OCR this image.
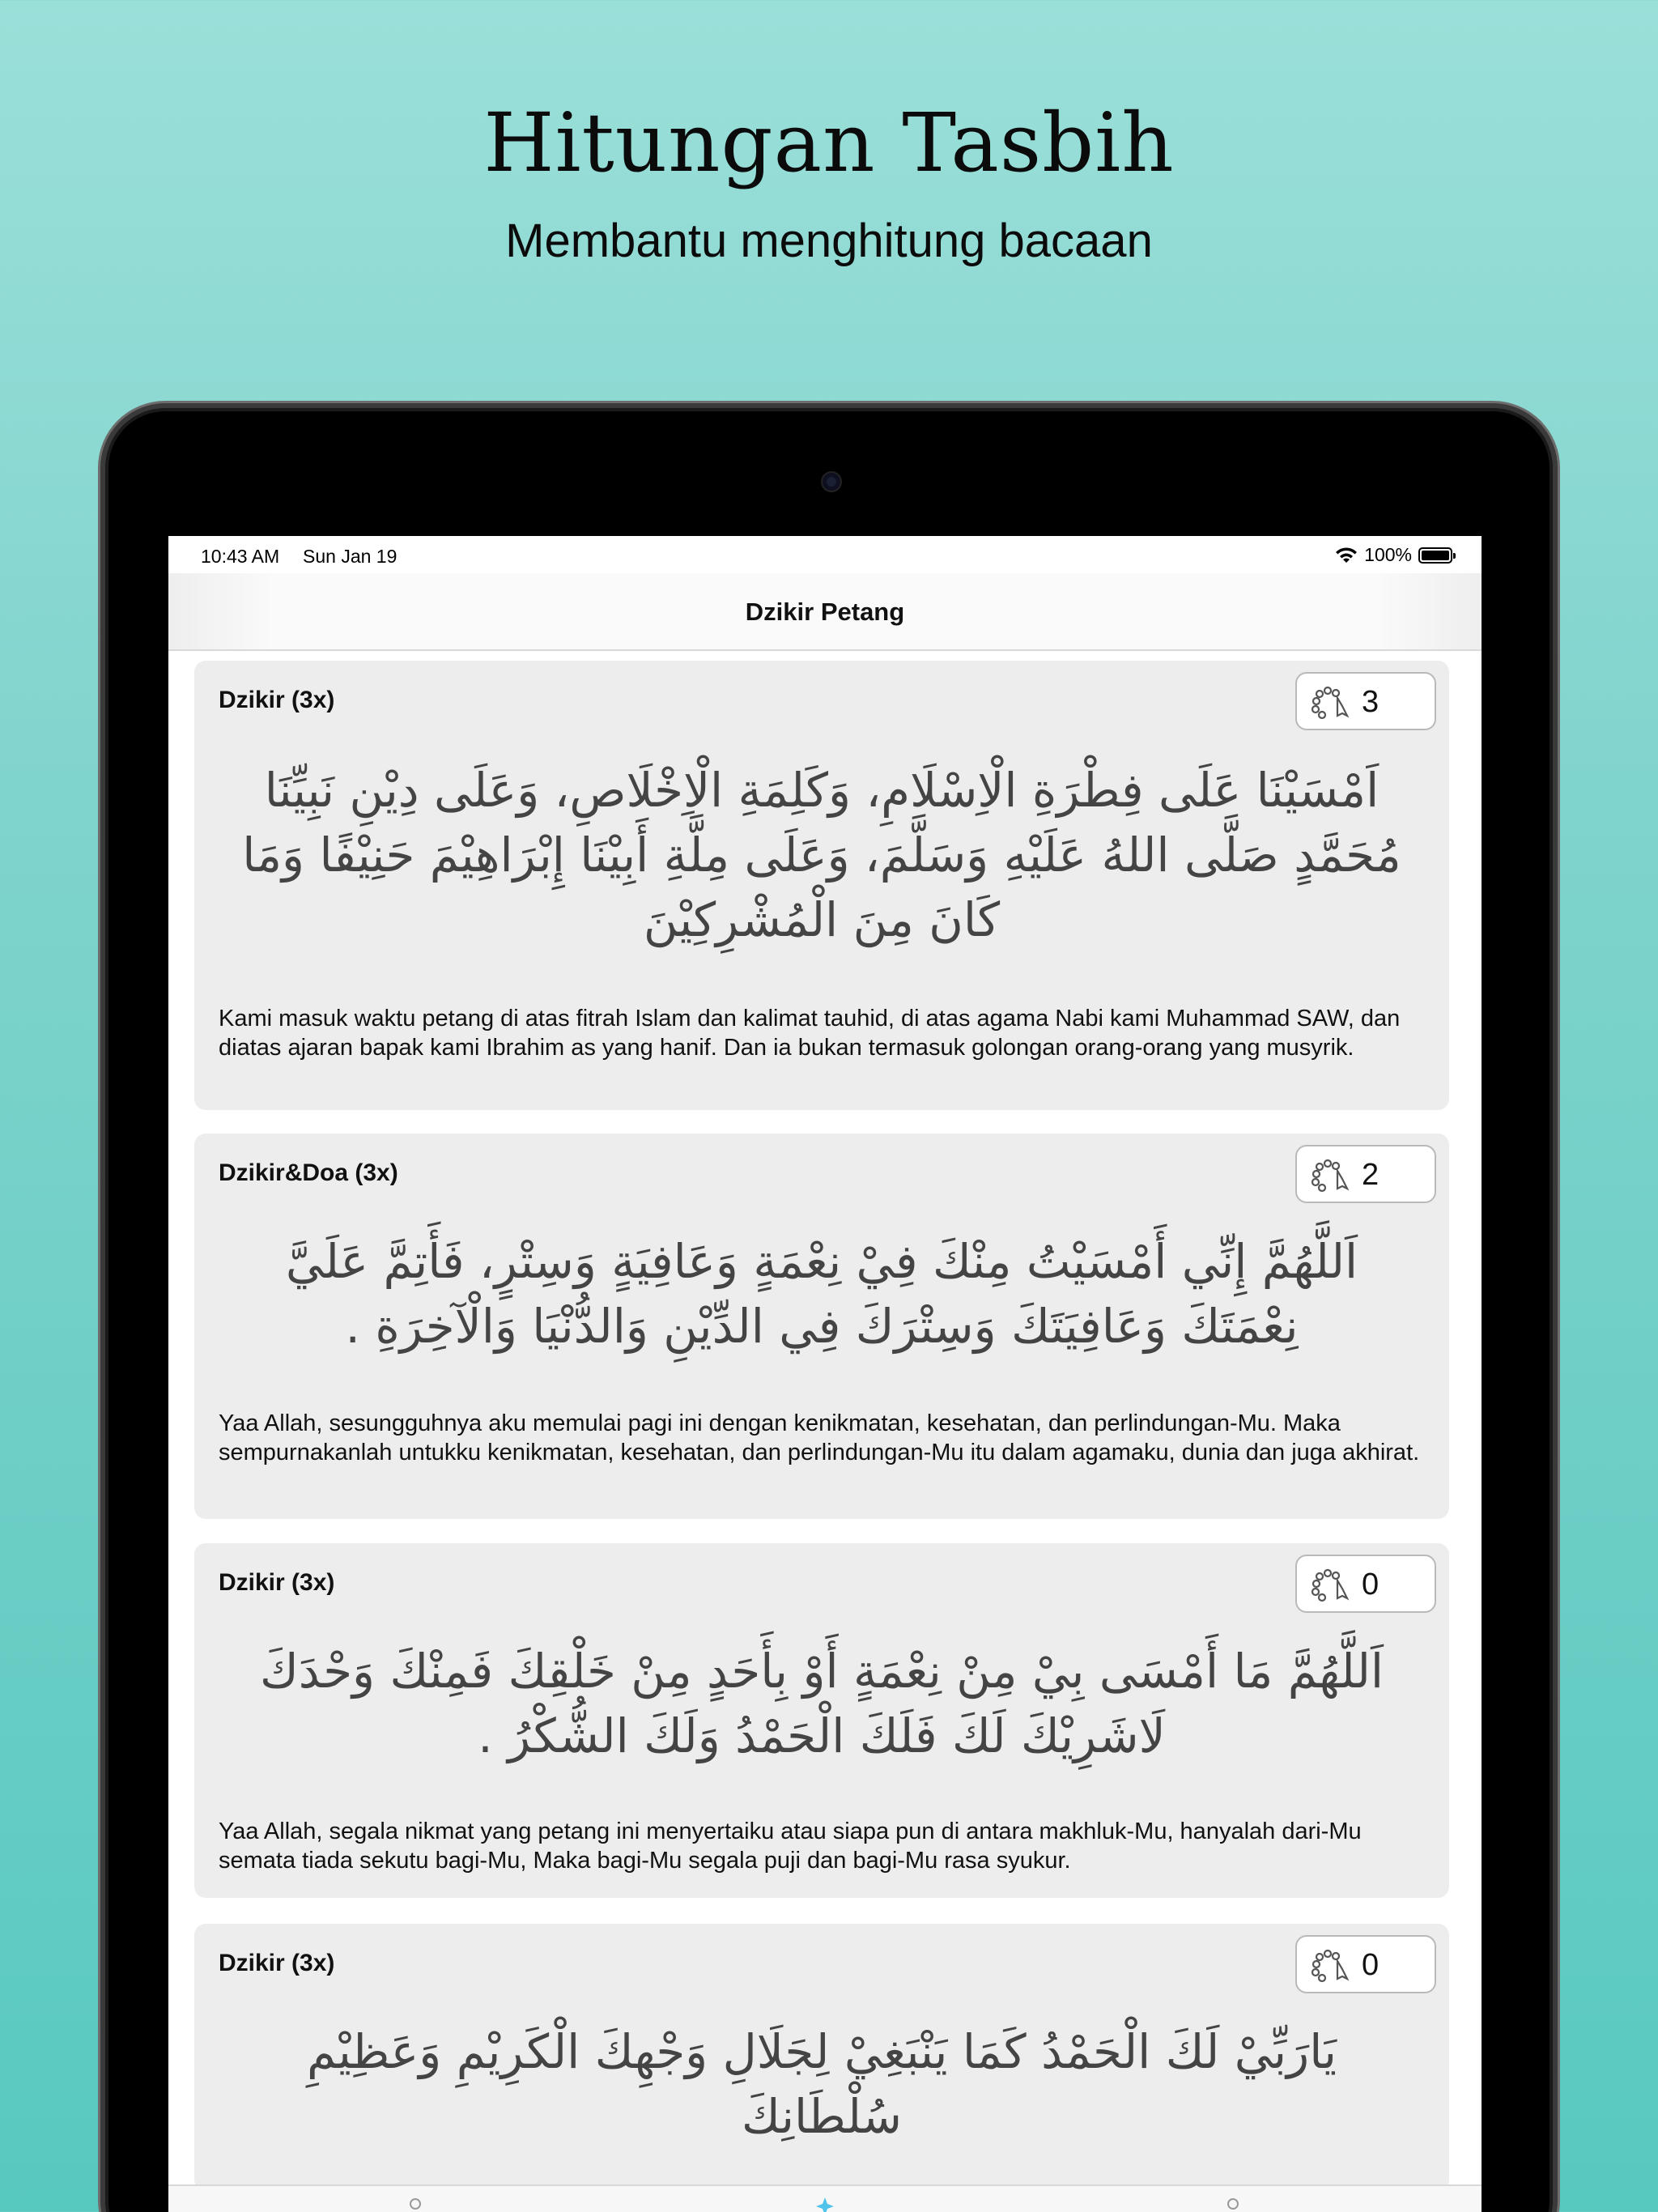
Hitungan Tasbih
Membantu menghitung bacaan
10:43 AM Sun Jan 19	100%
Dzikir Petang
Dzikir (3x)	3
اَمْسَيْنَا عَلَى فِطْرَةِ الْاِسْلَامِ، وَكَلِمَةِ الْاِخْلَاصِ، وَعَلَى دِيْنِ نَبِيِّنَا مُحَمَّدٍ صَلَّى اللهُ عَلَيْهِ وَسَلَّمَ، وَعَلَى مِلَّةِ أَبِيْنَا إِبْرَاهِيْمَ حَنِيْفًا وَمَا كَانَ مِنَ الْمُشْرِكِيْنَ
Kami masuk waktu petang di atas fitrah Islam dan kalimat tauhid, di atas agama Nabi kami Muhammad SAW, dan diatas ajaran bapak kami Ibrahim as yang hanif. Dan ia bukan termasuk golongan orang-orang yang musyrik.
Dzikir&Doa (3x)	2
اَللَّهُمَّ إِنِّي أَمْسَيْتُ مِنْكَ فِيْ نِعْمَةٍ وَعَافِيَةٍ وَسِتْرٍ، فَأَتِمَّ عَلَيَّ نِعْمَتَكَ وَعَافِيَتَكَ وَسِتْرَكَ فِي الدِّيْنِ وَالدُّنْيَا وَالْآخِرَةِ .
Yaa Allah, sesungguhnya aku memulai pagi ini dengan kenikmatan, kesehatan, dan perlindungan-Mu. Maka sempurnakanlah untukku kenikmatan, kesehatan, dan perlindungan-Mu itu dalam agamaku, dunia dan juga akhirat.
Dzikir (3x)	0
اَللَّهُمَّ مَا أَمْسَى بِيْ مِنْ نِعْمَةٍ أَوْ بِأَحَدٍ مِنْ خَلْقِكَ فَمِنْكَ وَحْدَكَ لَاشَرِيْكَ لَكَ فَلَكَ الْحَمْدُ وَلَكَ الشُّكْرُ .
Yaa Allah, segala nikmat yang petang ini menyertaiku atau siapa pun di antara makhluk-Mu, hanyalah dari-Mu semata tiada sekutu bagi-Mu, Maka bagi-Mu segala puji dan bagi-Mu rasa syukur.
Dzikir (3x)	0
يَارَبِّيْ لَكَ الْحَمْدُ كَمَا يَنْبَغِيْ لِجَلَالِ وَجْهِكَ الْكَرِيْمِ وَعَظِيْمِ سُلْطَانِكَ
